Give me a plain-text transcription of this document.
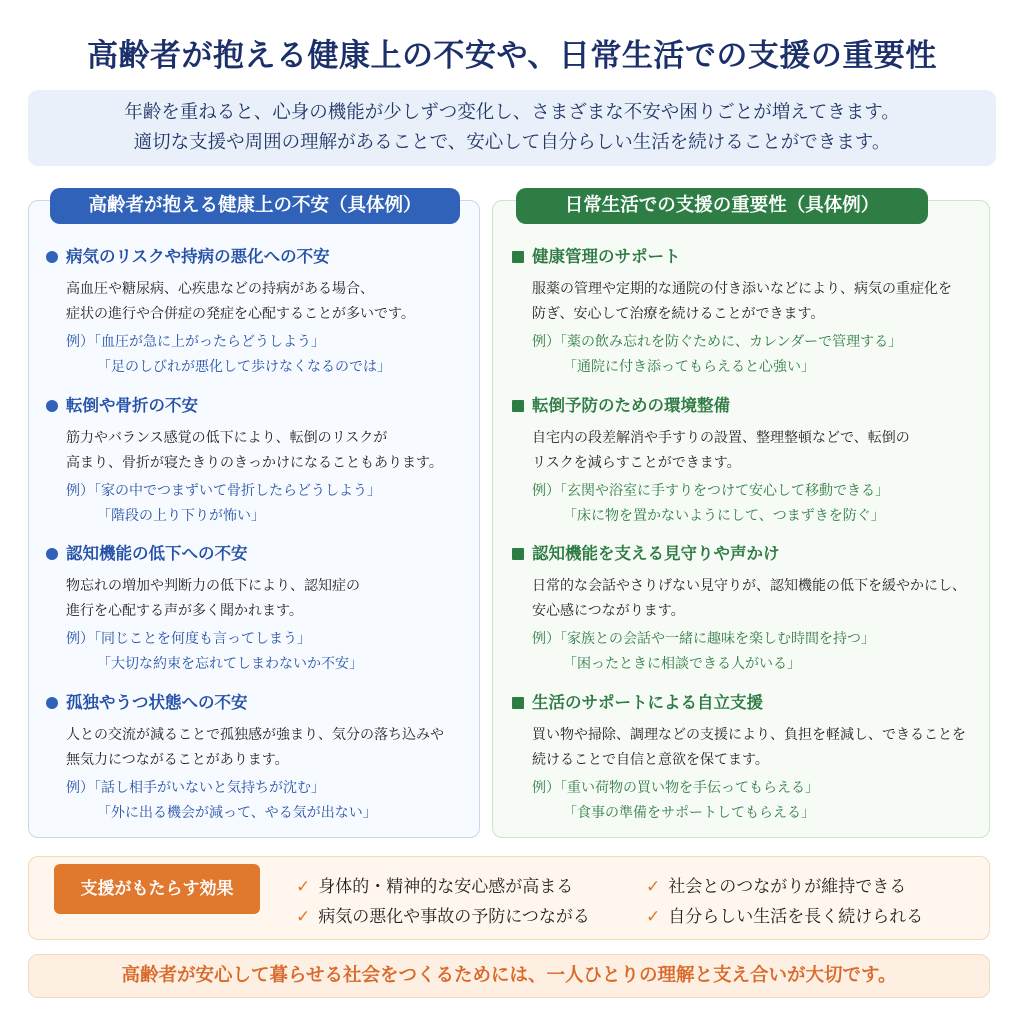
高齢者が抱える健康上の不安や、日常生活での支援の重要性
年齢を重ねると、心身の機能が少しずつ変化し、さまざまな不安や困りごとが増えてきます。
適切な支援や周囲の理解があることで、安心して自分らしい生活を続けることができます。
高齢者が抱える健康上の不安（具体例）	日常生活での支援の重要性（具体例）
病気のリスクや持病の悪化への不安
高血圧や糖尿病、心疾患などの持病がある場合、
症状の進行や合併症の発症を心配することが多いです。
例）「血圧が急に上がったらどうしよう」
「足のしびれが悪化して歩けなくなるのでは」
転倒や骨折の不安
筋力やバランス感覚の低下により、転倒のリスクが
高まり、骨折が寝たきりのきっかけになることもあります。
例）「家の中でつまずいて骨折したらどうしよう」
「階段の上り下りが怖い」
認知機能の低下への不安
物忘れの増加や判断力の低下により、認知症の
進行を心配する声が多く聞かれます。
例）「同じことを何度も言ってしまう」
「大切な約束を忘れてしまわないか不安」
孤独やうつ状態への不安
人との交流が減ることで孤独感が強まり、気分の落ち込みや
無気力につながることがあります。
例）「話し相手がいないと気持ちが沈む」
「外に出る機会が減って、やる気が出ない」
健康管理のサポート
服薬の管理や定期的な通院の付き添いなどにより、病気の重症化を
防ぎ、安心して治療を続けることができます。
例）「薬の飲み忘れを防ぐために、カレンダーで管理する」
「通院に付き添ってもらえると心強い」
転倒予防のための環境整備
自宅内の段差解消や手すりの設置、整理整頓などで、転倒の
リスクを減らすことができます。
例）「玄関や浴室に手すりをつけて安心して移動できる」
「床に物を置かないようにして、つまずきを防ぐ」
認知機能を支える見守りや声かけ
日常的な会話やさりげない見守りが、認知機能の低下を緩やかにし、
安心感につながります。
例）「家族との会話や一緒に趣味を楽しむ時間を持つ」
「困ったときに相談できる人がいる」
生活のサポートによる自立支援
買い物や掃除、調理などの支援により、負担を軽減し、できることを
続けることで自信と意欲を保てます。
例）「重い荷物の買い物を手伝ってもらえる」
「食事の準備をサポートしてもらえる」
支援がもたらす効果	✓ 身体的・精神的な安心感が高まる	✓ 社会とのつながりが維持できる
✓ 病気の悪化や事故の予防につながる	✓ 自分らしい生活を長く続けられる
高齢者が安心して暮らせる社会をつくるためには、一人ひとりの理解と支え合いが大切です。
